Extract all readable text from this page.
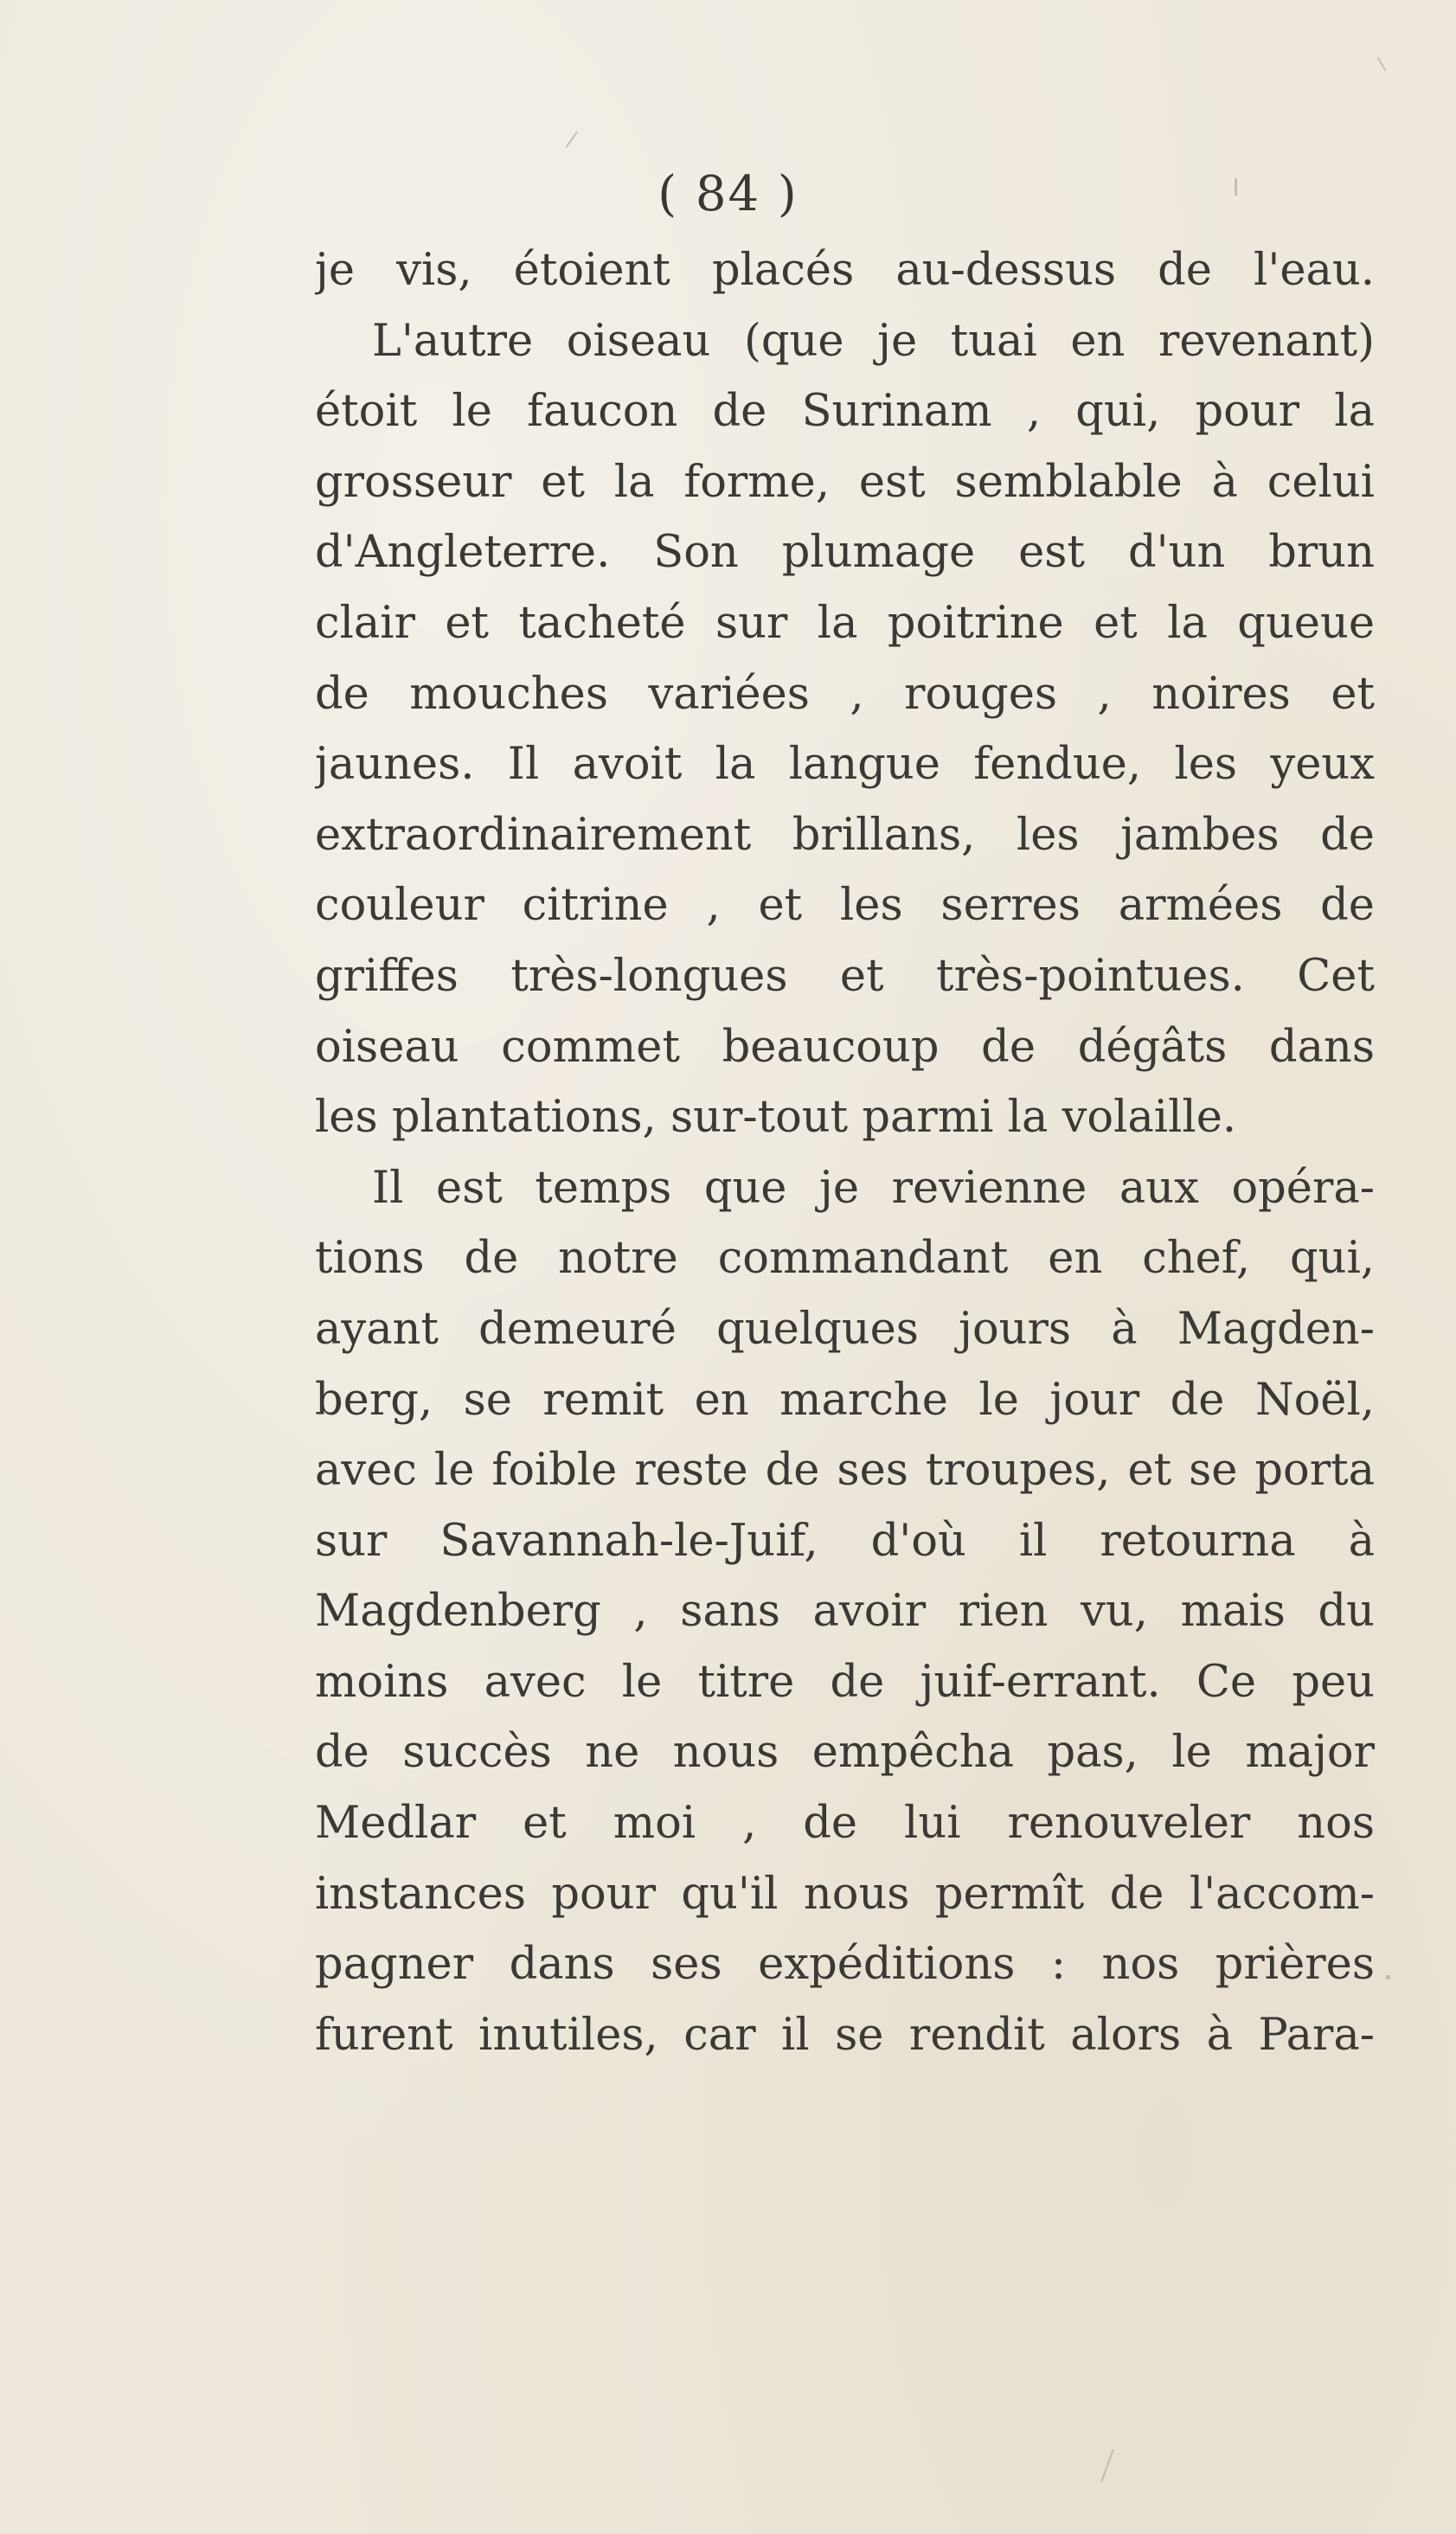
( 84 )
je vis, étoient placés au-dessus de l'eau.
L'autre oiseau (que je tuai en revenant)
étoit le faucon de Surinam , qui, pour la
grosseur et la forme, est semblable à celui
d'Angleterre. Son plumage est d'un brun
clair et tacheté sur la poitrine et la queue
de mouches variées , rouges , noires et
jaunes. Il avoit la langue fendue, les yeux
extraordinairement brillans, les jambes de
couleur citrine , et les serres armées de
griffes très-longues et très-pointues. Cet
oiseau commet beaucoup de dégâts dans
les plantations, sur-tout parmi la volaille.
Il est temps que je revienne aux opéra-
tions de notre commandant en chef, qui,
ayant demeuré quelques jours à Magden-
berg, se remit en marche le jour de Noël,
avec le foible reste de ses troupes, et se porta
sur Savannah-le-Juif, d'où il retourna à
Magdenberg , sans avoir rien vu, mais du
moins avec le titre de juif-errant. Ce peu
de succès ne nous empêcha pas, le major
Medlar et moi , de lui renouveler nos
instances pour qu'il nous permît de l'accom-
pagner dans ses expéditions : nos prières
furent inutiles, car il se rendit alors à Para-
